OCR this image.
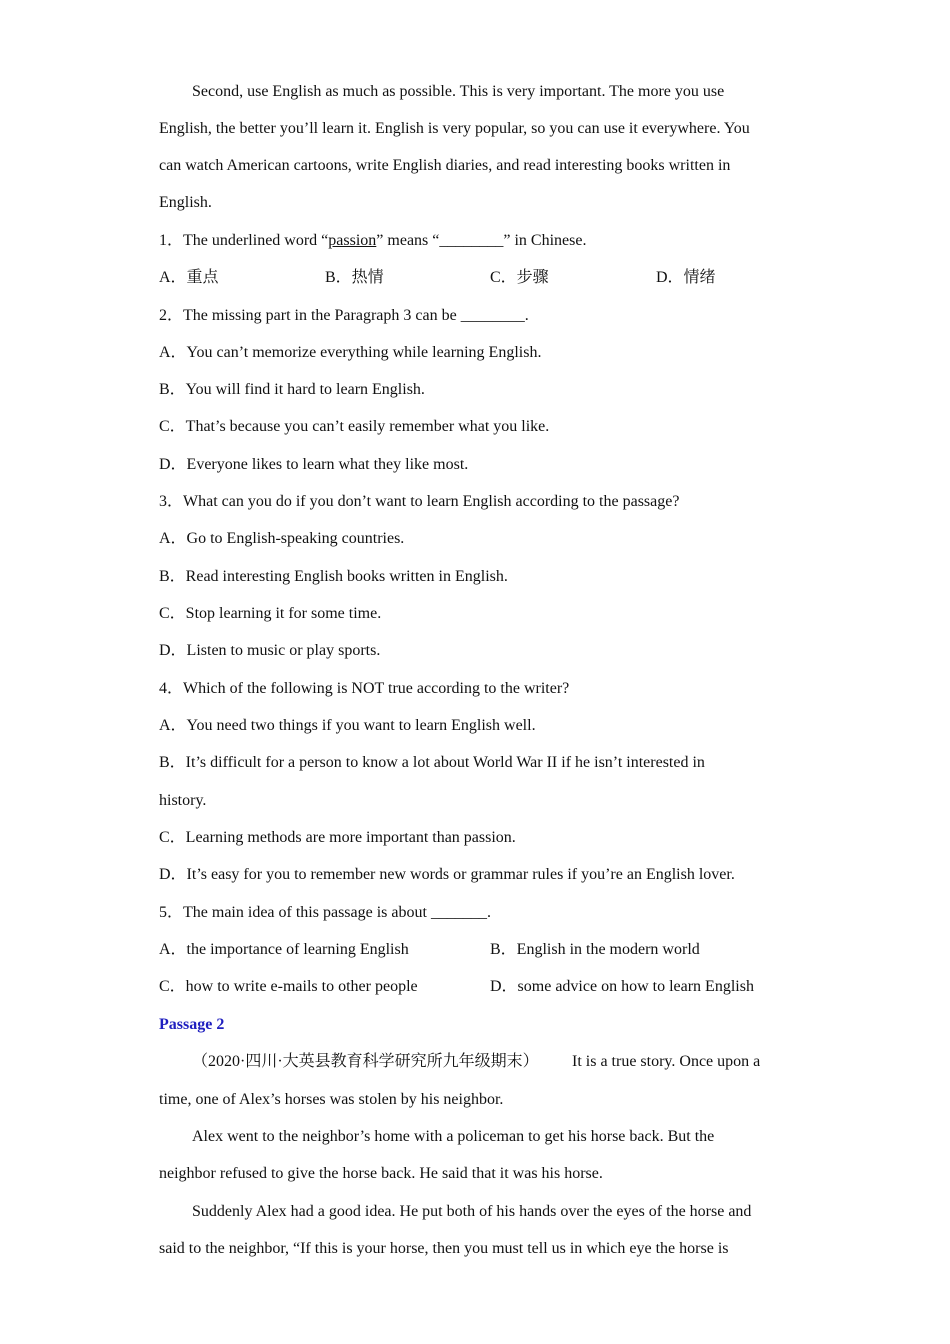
Second, use English as much as possible. This is very important. The more you use
English, the better you’ll learn it. English is very popular, so you can use it everywhere. You
can watch American cartoons, write English diaries, and read interesting books written in
English.
1．The underlined word “passion” means “________” in Chinese.
A．重点	B．热情	C．步骤	D．情绪
2．The missing part in the Paragraph 3 can be ________.
A．You can’t memorize everything while learning English.
B．You will find it hard to learn English.
C．That’s because you can’t easily remember what you like.
D．Everyone likes to learn what they like most.
3．What can you do if you don’t want to learn English according to the passage?
A．Go to English-speaking countries.
B．Read interesting English books written in English.
C．Stop learning it for some time.
D．Listen to music or play sports.
4．Which of the following is NOT true according to the writer?
A．You need two things if you want to learn English well.
B．It’s difficult for a person to know a lot about World War II if he isn’t interested in
history.
C．Learning methods are more important than passion.
D．It’s easy for you to remember new words or grammar rules if you’re an English lover.
5．The main idea of this passage is about _______.
A．the importance of learning English	B．English in the modern world
C．how to write e-mails to other people	D．some advice on how to learn English
Passage 2
（2020·四川·大英县教育科学研究所九年级期末） It is a true story. Once upon a
time, one of Alex’s horses was stolen by his neighbor.
Alex went to the neighbor’s home with a policeman to get his horse back. But the
neighbor refused to give the horse back. He said that it was his horse.
Suddenly Alex had a good idea. He put both of his hands over the eyes of the horse and
said to the neighbor, “If this is your horse, then you must tell us in which eye the horse is
